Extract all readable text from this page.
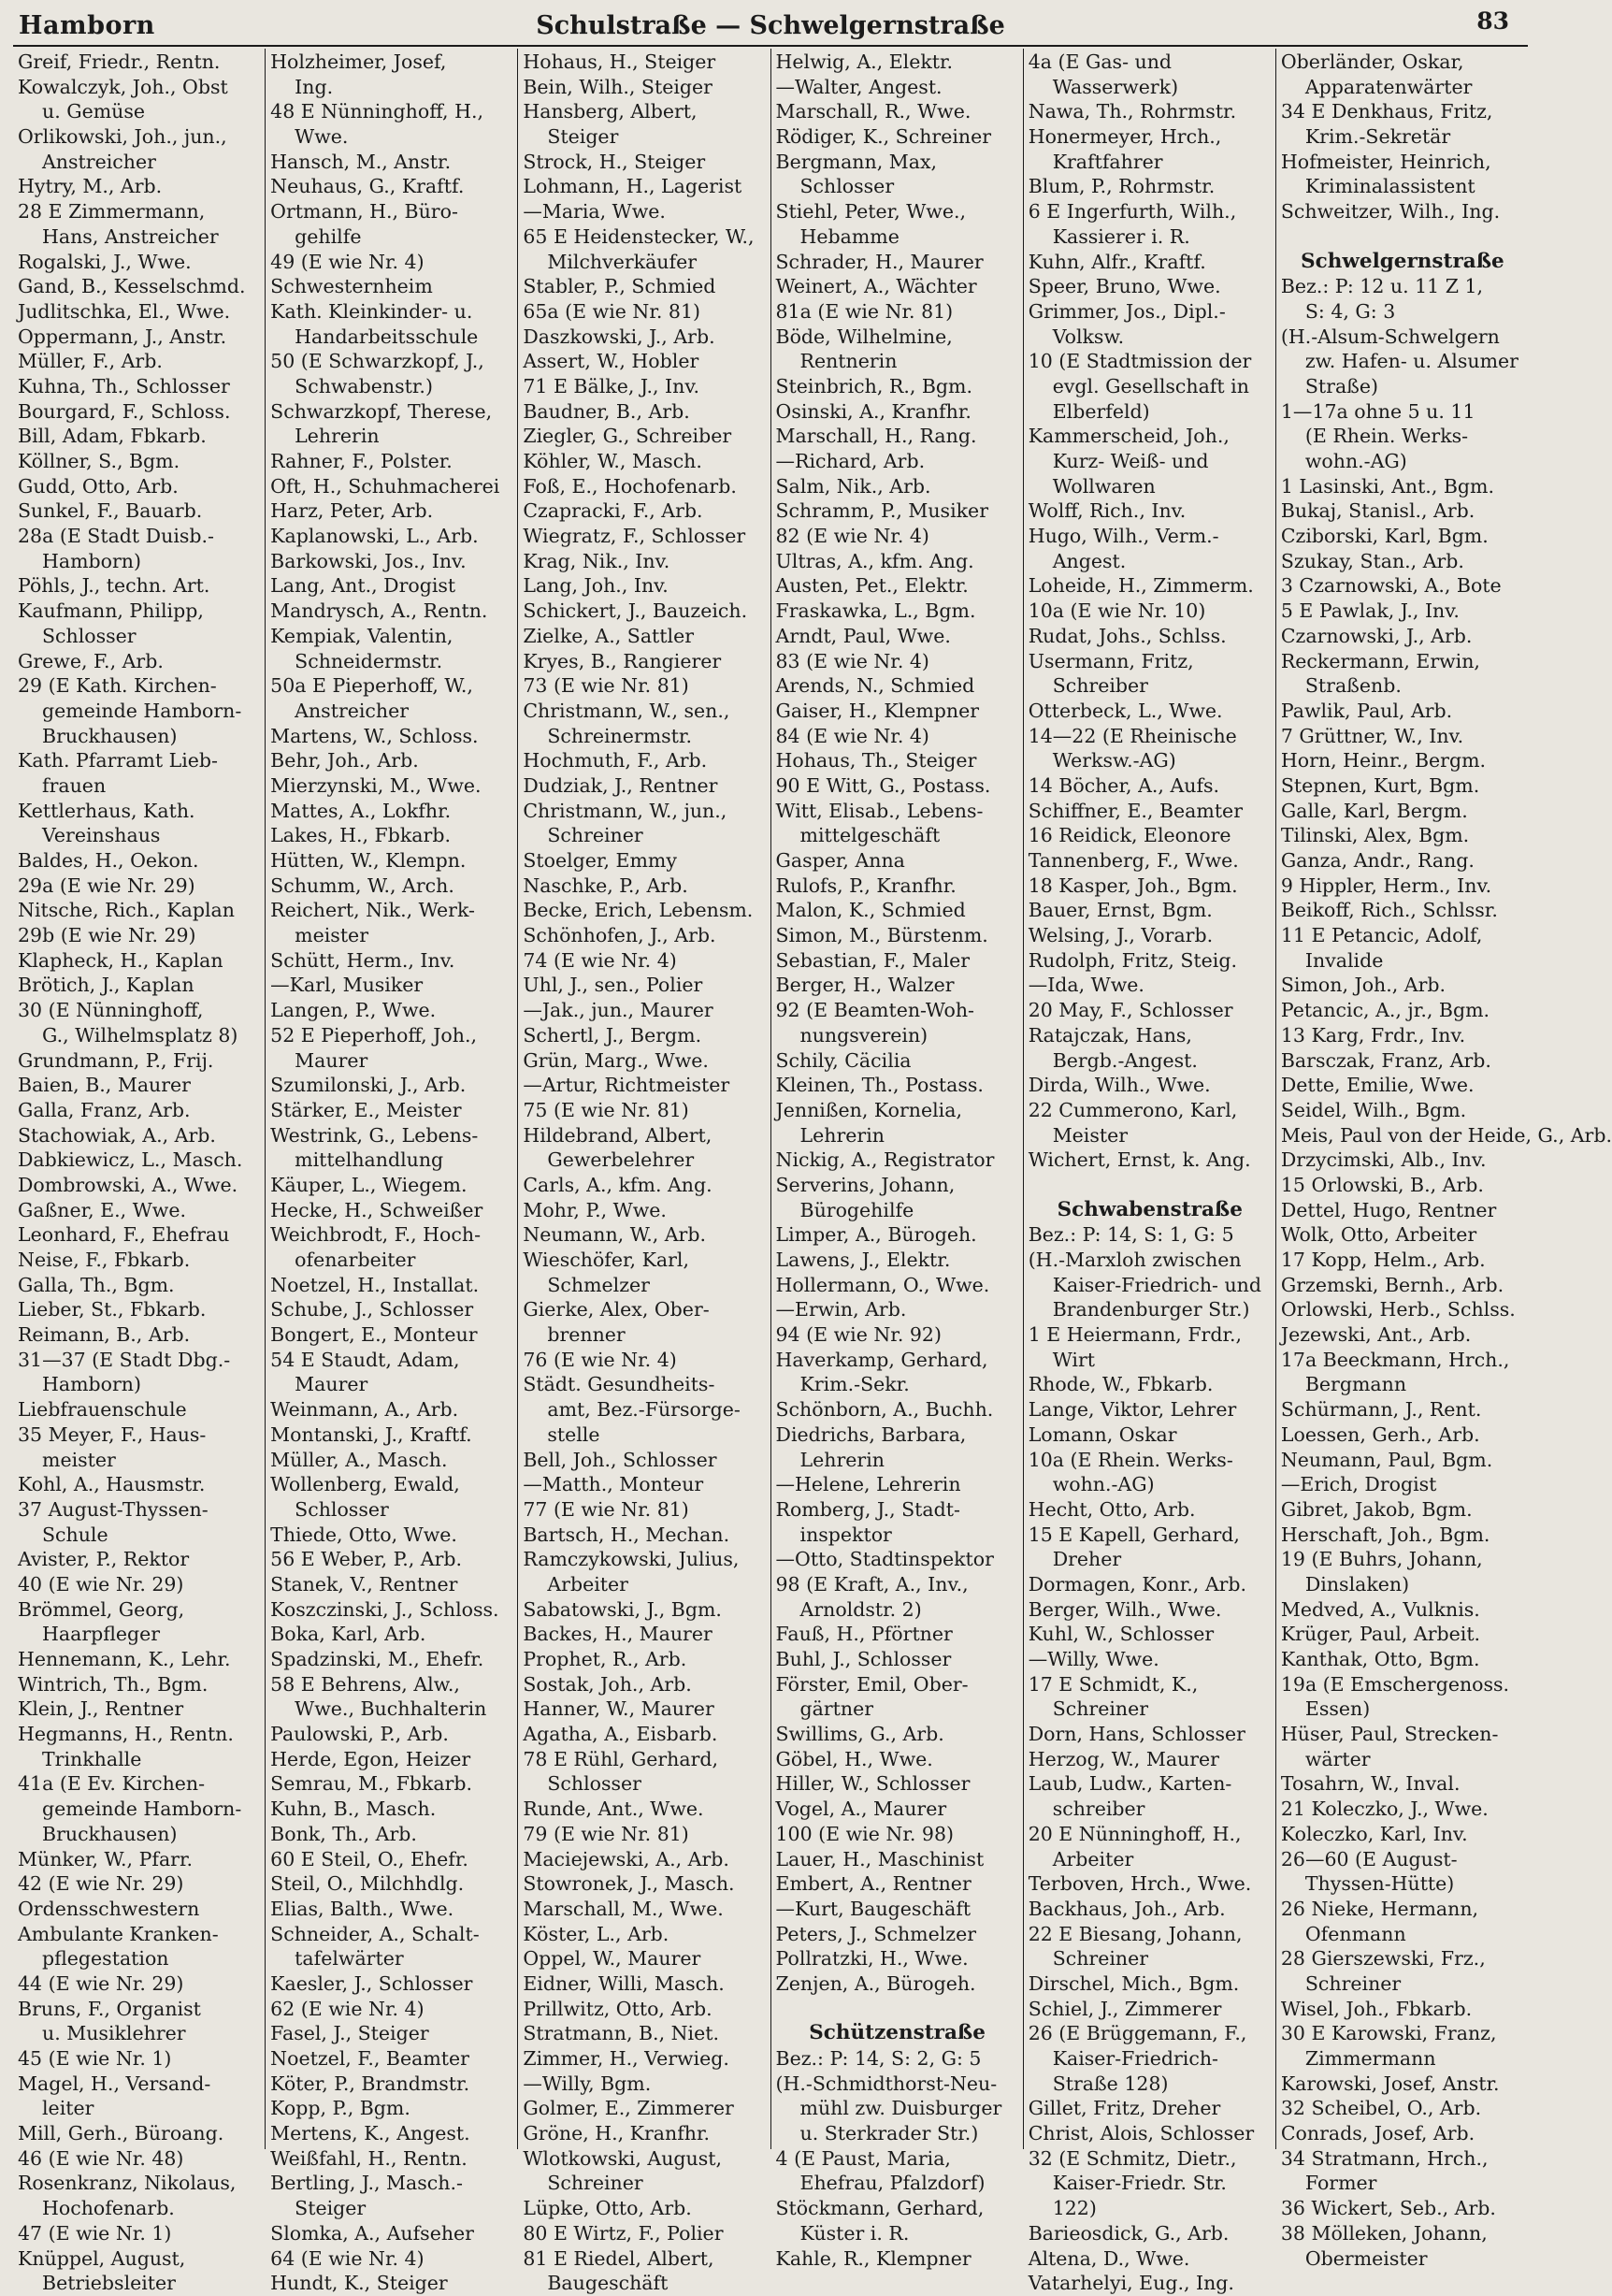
Hamborn	Schulstraße — Schwelgernstraße	83
Greif, Friedr., Rentn.
Kowalczyk, Joh., Obst
u. Gemüse
Orlikowski, Joh., jun.,
Anstreicher
Hytry, M., Arb.
28 E Zimmermann,
Hans, Anstreicher
Rogalski, J., Wwe.
Gand, B., Kesselschmd.
Judlitschka, El., Wwe.
Oppermann, J., Anstr.
Müller, F., Arb.
Kuhna, Th., Schlosser
Bourgard, F., Schloss.
Bill, Adam, Fbkarb.
Köllner, S., Bgm.
Gudd, Otto, Arb.
Sunkel, F., Bauarb.
28a (E Stadt Duisb.-
Hamborn)
Pöhls, J., techn. Art.
Kaufmann, Philipp,
Schlosser
Grewe, F., Arb.
29 (E Kath. Kirchen-
gemeinde Hamborn-
Bruckhausen)
Kath. Pfarramt Lieb-
frauen
Kettlerhaus, Kath.
Vereinshaus
Baldes, H., Oekon.
29a (E wie Nr. 29)
Nitsche, Rich., Kaplan
29b (E wie Nr. 29)
Klapheck, H., Kaplan
Brötich, J., Kaplan
30 (E Nünninghoff,
G., Wilhelmsplatz 8)
Grundmann, P., Frij.
Baien, B., Maurer
Galla, Franz, Arb.
Stachowiak, A., Arb.
Dabkiewicz, L., Masch.
Dombrowski, A., Wwe.
Gaßner, E., Wwe.
Leonhard, F., Ehefrau
Neise, F., Fbkarb.
Galla, Th., Bgm.
Lieber, St., Fbkarb.
Reimann, B., Arb.
31—37 (E Stadt Dbg.-
Hamborn)
Liebfrauenschule
35 Meyer, F., Haus-
meister
Kohl, A., Hausmstr.
37 August-Thyssen-
Schule
Avister, P., Rektor
40 (E wie Nr. 29)
Brömmel, Georg,
Haarpfleger
Hennemann, K., Lehr.
Wintrich, Th., Bgm.
Klein, J., Rentner
Hegmanns, H., Rentn.
Trinkhalle
41a (E Ev. Kirchen-
gemeinde Hamborn-
Bruckhausen)
Münker, W., Pfarr.
42 (E wie Nr. 29)
Ordensschwestern
Ambulante Kranken-
pflegestation
44 (E wie Nr. 29)
Bruns, F., Organist
u. Musiklehrer
45 (E wie Nr. 1)
Magel, H., Versand-
leiter
Mill, Gerh., Büroang.
46 (E wie Nr. 48)
Rosenkranz, Nikolaus,
Hochofenarb.
47 (E wie Nr. 1)
Knüppel, August,
Betriebsleiter
Holzheimer, Josef,
Ing.
48 E Nünninghoff, H.,
Wwe.
Hansch, M., Anstr.
Neuhaus, G., Kraftf.
Ortmann, H., Büro-
gehilfe
49 (E wie Nr. 4)
Schwesternheim
Kath. Kleinkinder- u.
Handarbeitsschule
50 (E Schwarzkopf, J.,
Schwabenstr.)
Schwarzkopf, Therese,
Lehrerin
Rahner, F., Polster.
Oft, H., Schuhmacherei
Harz, Peter, Arb.
Kaplanowski, L., Arb.
Barkowski, Jos., Inv.
Lang, Ant., Drogist
Mandrysch, A., Rentn.
Kempiak, Valentin,
Schneidermstr.
50a E Pieperhoff, W.,
Anstreicher
Martens, W., Schloss.
Behr, Joh., Arb.
Mierzynski, M., Wwe.
Mattes, A., Lokfhr.
Lakes, H., Fbkarb.
Hütten, W., Klempn.
Schumm, W., Arch.
Reichert, Nik., Werk-
meister
Schütt, Herm., Inv.
—Karl, Musiker
Langen, P., Wwe.
52 E Pieperhoff, Joh.,
Maurer
Szumilonski, J., Arb.
Stärker, E., Meister
Westrink, G., Lebens-
mittelhandlung
Käuper, L., Wiegem.
Hecke, H., Schweißer
Weichbrodt, F., Hoch-
ofenarbeiter
Noetzel, H., Installat.
Schube, J., Schlosser
Bongert, E., Monteur
54 E Staudt, Adam,
Maurer
Weinmann, A., Arb.
Montanski, J., Kraftf.
Müller, A., Masch.
Wollenberg, Ewald,
Schlosser
Thiede, Otto, Wwe.
56 E Weber, P., Arb.
Stanek, V., Rentner
Koszczinski, J., Schloss.
Boka, Karl, Arb.
Spadzinski, M., Ehefr.
58 E Behrens, Alw.,
Wwe., Buchhalterin
Paulowski, P., Arb.
Herde, Egon, Heizer
Semrau, M., Fbkarb.
Kuhn, B., Masch.
Bonk, Th., Arb.
60 E Steil, O., Ehefr.
Steil, O., Milchhdlg.
Elias, Balth., Wwe.
Schneider, A., Schalt-
tafelwärter
Kaesler, J., Schlosser
62 (E wie Nr. 4)
Fasel, J., Steiger
Noetzel, F., Beamter
Köter, P., Brandmstr.
Kopp, P., Bgm.
Mertens, K., Angest.
Weißfahl, H., Rentn.
Bertling, J., Masch.-
Steiger
Slomka, A., Aufseher
64 (E wie Nr. 4)
Hundt, K., Steiger
Hohaus, H., Steiger
Bein, Wilh., Steiger
Hansberg, Albert,
Steiger
Strock, H., Steiger
Lohmann, H., Lagerist
—Maria, Wwe.
65 E Heidenstecker, W.,
Milchverkäufer
Stabler, P., Schmied
65a (E wie Nr. 81)
Daszkowski, J., Arb.
Assert, W., Hobler
71 E Bälke, J., Inv.
Baudner, B., Arb.
Ziegler, G., Schreiber
Köhler, W., Masch.
Foß, E., Hochofenarb.
Czapracki, F., Arb.
Wiegratz, F., Schlosser
Krag, Nik., Inv.
Lang, Joh., Inv.
Schickert, J., Bauzeich.
Zielke, A., Sattler
Kryes, B., Rangierer
73 (E wie Nr. 81)
Christmann, W., sen.,
Schreinermstr.
Hochmuth, F., Arb.
Dudziak, J., Rentner
Christmann, W., jun.,
Schreiner
Stoelger, Emmy
Naschke, P., Arb.
Becke, Erich, Lebensm.
Schönhofen, J., Arb.
74 (E wie Nr. 4)
Uhl, J., sen., Polier
—Jak., jun., Maurer
Schertl, J., Bergm.
Grün, Marg., Wwe.
—Artur, Richtmeister
75 (E wie Nr. 81)
Hildebrand, Albert,
Gewerbelehrer
Carls, A., kfm. Ang.
Mohr, P., Wwe.
Neumann, W., Arb.
Wieschöfer, Karl,
Schmelzer
Gierke, Alex, Ober-
brenner
76 (E wie Nr. 4)
Städt. Gesundheits-
amt, Bez.-Fürsorge-
stelle
Bell, Joh., Schlosser
—Matth., Monteur
77 (E wie Nr. 81)
Bartsch, H., Mechan.
Ramczykowski, Julius,
Arbeiter
Sabatowski, J., Bgm.
Backes, H., Maurer
Prophet, R., Arb.
Sostak, Joh., Arb.
Hanner, W., Maurer
Agatha, A., Eisbarb.
78 E Rühl, Gerhard,
Schlosser
Runde, Ant., Wwe.
79 (E wie Nr. 81)
Maciejewski, A., Arb.
Stowronek, J., Masch.
Marschall, M., Wwe.
Köster, L., Arb.
Oppel, W., Maurer
Eidner, Willi, Masch.
Prillwitz, Otto, Arb.
Stratmann, B., Niet.
Zimmer, H., Verwieg.
—Willy, Bgm.
Golmer, E., Zimmerer
Gröne, H., Kranfhr.
Wlotkowski, August,
Schreiner
Lüpke, Otto, Arb.
80 E Wirtz, F., Polier
81 E Riedel, Albert,
Baugeschäft
Helwig, A., Elektr.
—Walter, Angest.
Marschall, R., Wwe.
Rödiger, K., Schreiner
Bergmann, Max,
Schlosser
Stiehl, Peter, Wwe.,
Hebamme
Schrader, H., Maurer
Weinert, A., Wächter
81a (E wie Nr. 81)
Böde, Wilhelmine,
Rentnerin
Steinbrich, R., Bgm.
Osinski, A., Kranfhr.
Marschall, H., Rang.
—Richard, Arb.
Salm, Nik., Arb.
Schramm, P., Musiker
82 (E wie Nr. 4)
Ultras, A., kfm. Ang.
Austen, Pet., Elektr.
Fraskawka, L., Bgm.
Arndt, Paul, Wwe.
83 (E wie Nr. 4)
Arends, N., Schmied
Gaiser, H., Klempner
84 (E wie Nr. 4)
Hohaus, Th., Steiger
90 E Witt, G., Postass.
Witt, Elisab., Lebens-
mittelgeschäft
Gasper, Anna
Rulofs, P., Kranfhr.
Malon, K., Schmied
Simon, M., Bürstenm.
Sebastian, F., Maler
Berger, H., Walzer
92 (E Beamten-Woh-
nungsverein)
Schily, Cäcilia
Kleinen, Th., Postass.
Jennißen, Kornelia,
Lehrerin
Nickig, A., Registrator
Serverins, Johann,
Bürogehilfe
Limper, A., Bürogeh.
Lawens, J., Elektr.
Hollermann, O., Wwe.
—Erwin, Arb.
94 (E wie Nr. 92)
Haverkamp, Gerhard,
Krim.-Sekr.
Schönborn, A., Buchh.
Diedrichs, Barbara,
Lehrerin
—Helene, Lehrerin
Romberg, J., Stadt-
inspektor
—Otto, Stadtinspektor
98 (E Kraft, A., Inv.,
Arnoldstr. 2)
Fauß, H., Pförtner
Buhl, J., Schlosser
Förster, Emil, Ober-
gärtner
Swillims, G., Arb.
Göbel, H., Wwe.
Hiller, W., Schlosser
Vogel, A., Maurer
100 (E wie Nr. 98)
Lauer, H., Maschinist
Embert, A., Rentner
—Kurt, Baugeschäft
Peters, J., Schmelzer
Pollratzki, H., Wwe.
Zenjen, A., Bürogeh.
Schützenstraße
Bez.: P: 14, S: 2, G: 5
(H.-Schmidthorst-Neu-
mühl zw. Duisburger
u. Sterkrader Str.)
4 (E Paust, Maria,
Ehefrau, Pfalzdorf)
Stöckmann, Gerhard,
Küster i. R.
Kahle, R., Klempner
4a (E Gas- und
Wasserwerk)
Nawa, Th., Rohrmstr.
Honermeyer, Hrch.,
Kraftfahrer
Blum, P., Rohrmstr.
6 E Ingerfurth, Wilh.,
Kassierer i. R.
Kuhn, Alfr., Kraftf.
Speer, Bruno, Wwe.
Grimmer, Jos., Dipl.-
Volksw.
10 (E Stadtmission der
evgl. Gesellschaft in
Elberfeld)
Kammerscheid, Joh.,
Kurz- Weiß- und
Wollwaren
Wolff, Rich., Inv.
Hugo, Wilh., Verm.-
Angest.
Loheide, H., Zimmerm.
10a (E wie Nr. 10)
Rudat, Johs., Schlss.
Usermann, Fritz,
Schreiber
Otterbeck, L., Wwe.
14—22 (E Rheinische
Werksw.-AG)
14 Böcher, A., Aufs.
Schiffner, E., Beamter
16 Reidick, Eleonore
Tannenberg, F., Wwe.
18 Kasper, Joh., Bgm.
Bauer, Ernst, Bgm.
Welsing, J., Vorarb.
Rudolph, Fritz, Steig.
—Ida, Wwe.
20 May, F., Schlosser
Ratajczak, Hans,
Bergb.-Angest.
Dirda, Wilh., Wwe.
22 Cummerono, Karl,
Meister
Wichert, Ernst, k. Ang.
Schwabenstraße
Bez.: P: 14, S: 1, G: 5
(H.-Marxloh zwischen
Kaiser-Friedrich- und
Brandenburger Str.)
1 E Heiermann, Frdr.,
Wirt
Rhode, W., Fbkarb.
Lange, Viktor, Lehrer
Lomann, Oskar
10a (E Rhein. Werks-
wohn.-AG)
Hecht, Otto, Arb.
15 E Kapell, Gerhard,
Dreher
Dormagen, Konr., Arb.
Berger, Wilh., Wwe.
Kuhl, W., Schlosser
—Willy, Wwe.
17 E Schmidt, K.,
Schreiner
Dorn, Hans, Schlosser
Herzog, W., Maurer
Laub, Ludw., Karten-
schreiber
20 E Nünninghoff, H.,
Arbeiter
Terboven, Hrch., Wwe.
Backhaus, Joh., Arb.
22 E Biesang, Johann,
Schreiner
Dirschel, Mich., Bgm.
Schiel, J., Zimmerer
26 (E Brüggemann, F.,
Kaiser-Friedrich-
Straße 128)
Gillet, Fritz, Dreher
Christ, Alois, Schlosser
32 (E Schmitz, Dietr.,
Kaiser-Friedr. Str.
122)
Barieosdick, G., Arb.
Altena, D., Wwe.
Vatarhelyi, Eug., Ing.
Oberländer, Oskar,
Apparatenwärter
34 E Denkhaus, Fritz,
Krim.-Sekretär
Hofmeister, Heinrich,
Kriminalassistent
Schweitzer, Wilh., Ing.
Schwelgernstraße
Bez.: P: 12 u. 11 Z 1,
S: 4, G: 3
(H.-Alsum-Schwelgern
zw. Hafen- u. Alsumer
Straße)
1—17a ohne 5 u. 11
(E Rhein. Werks-
wohn.-AG)
1 Lasinski, Ant., Bgm.
Bukaj, Stanisl., Arb.
Cziborski, Karl, Bgm.
Szukay, Stan., Arb.
3 Czarnowski, A., Bote
5 E Pawlak, J., Inv.
Czarnowski, J., Arb.
Reckermann, Erwin,
Straßenb.
Pawlik, Paul, Arb.
7 Grüttner, W., Inv.
Horn, Heinr., Bergm.
Stepnen, Kurt, Bgm.
Galle, Karl, Bergm.
Tilinski, Alex, Bgm.
Ganza, Andr., Rang.
9 Hippler, Herm., Inv.
Beikoff, Rich., Schlssr.
11 E Petancic, Adolf,
Invalide
Simon, Joh., Arb.
Petancic, A., jr., Bgm.
13 Karg, Frdr., Inv.
Barsczak, Franz, Arb.
Dette, Emilie, Wwe.
Seidel, Wilh., Bgm.
Meis, Paul von der Heide, G., Arb.
Drzycimski, Alb., Inv.
15 Orlowski, B., Arb.
Dettel, Hugo, Rentner
Wolk, Otto, Arbeiter
17 Kopp, Helm., Arb.
Grzemski, Bernh., Arb.
Orlowski, Herb., Schlss.
Jezewski, Ant., Arb.
17a Beeckmann, Hrch.,
Bergmann
Schürmann, J., Rent.
Loessen, Gerh., Arb.
Neumann, Paul, Bgm.
—Erich, Drogist
Gibret, Jakob, Bgm.
Herschaft, Joh., Bgm.
19 (E Buhrs, Johann,
Dinslaken)
Medved, A., Vulknis.
Krüger, Paul, Arbeit.
Kanthak, Otto, Bgm.
19a (E Emschergenoss.
Essen)
Hüser, Paul, Strecken-
wärter
Tosahrn, W., Inval.
21 Koleczko, J., Wwe.
Koleczko, Karl, Inv.
26—60 (E August-
Thyssen-Hütte)
26 Nieke, Hermann,
Ofenmann
28 Gierszewski, Frz.,
Schreiner
Wisel, Joh., Fbkarb.
30 E Karowski, Franz,
Zimmermann
Karowski, Josef, Anstr.
32 Scheibel, O., Arb.
Conrads, Josef, Arb.
34 Stratmann, Hrch.,
Former
36 Wickert, Seb., Arb.
38 Mölleken, Johann,
Obermeister
